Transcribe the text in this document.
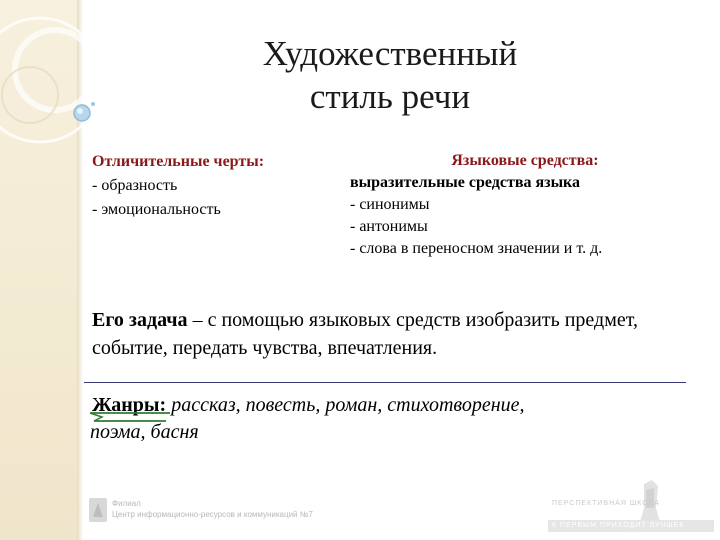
Художественный
стиль речи
Отличительные черты:
- образность
- эмоциональность
Языковые средства:
выразительные средства языка
- синонимы
- антонимы
- слова в переносном значении и т. д.
Его задача – с помощью языковых средств изобразить предмет, событие, передать чувства, впечатления.
Жанры: рассказ, повесть, роман, стихотворение,
поэма, басня
Филиал
Центр информационно-ресурсов и коммуникаций №7
ПЕРСПЕКТИВНАЯ ШКОЛА
К ПЕРВЫМ ПРИХОДИТ ЛУЧШЕЕ
